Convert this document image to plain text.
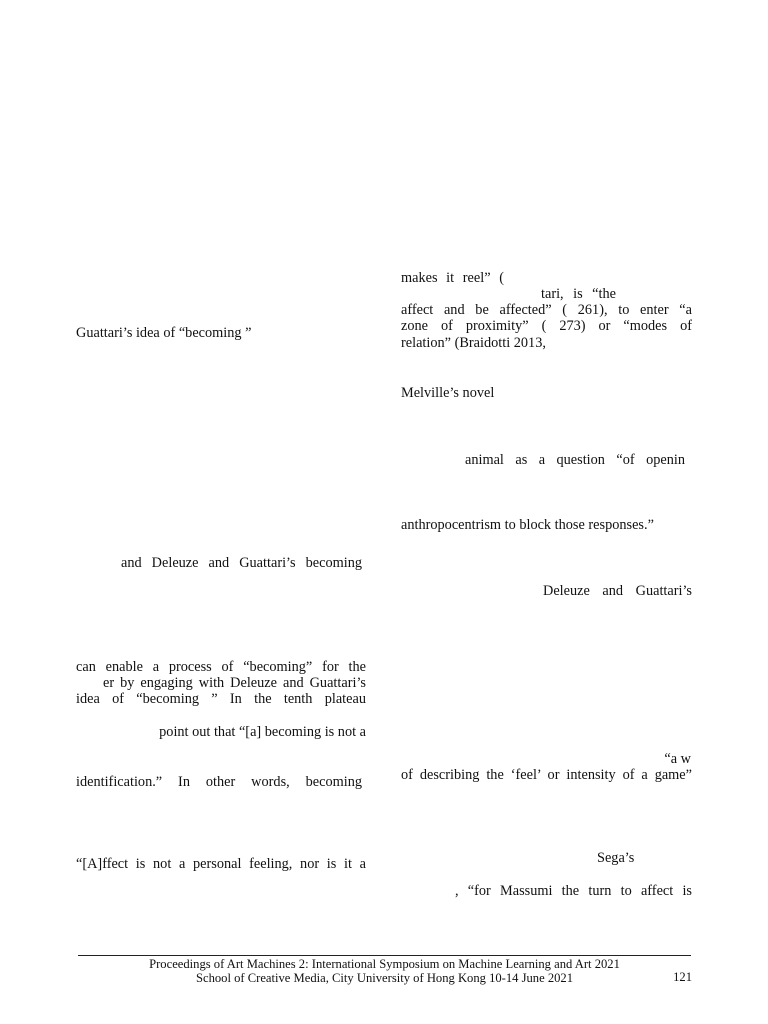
Guattari’s idea of “becoming ”
and Deleuze and Guattari’s becoming
can enable a process of “becoming” for the
er by engaging with Deleuze and Guattari’s
idea of “becoming ” In the tenth plateau
point out that “[a] becoming is not a
identification.” In other words, becoming
“[A]ffect is not a personal feeling, nor is it a
makes it reel” (
tari, is “the
affect and be affected” ( 261), to enter “a
zone of proximity” ( 273) or “modes of
relation” (Braidotti 2013,
Melville’s novel
animal as a question “of openin
anthropocentrism to block those responses.”
Deleuze and Guattari’s
“a w
of describing the ‘feel’ or intensity of a game”
Sega’s
, “for Massumi the turn to affect is
Proceedings of Art Machines 2: International Symposium on Machine Learning and Art 2021
School of Creative Media, City University of Hong Kong 10-14 June 2021	121
